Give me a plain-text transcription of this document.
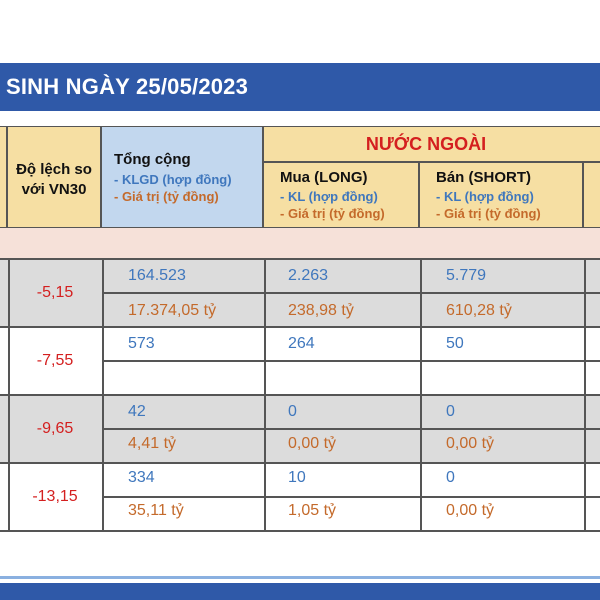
SINH NGÀY 25/05/2023
Độ lệch so
với VN30
Tổng cộng
- KLGD (hợp đồng)
- Giá trị (tỷ đồng)
NƯỚC NGOÀI
Mua (LONG)
- KL (hợp đồng)
- Giá trị (tỷ đồng)
Bán (SHORT)
- KL (hợp đồng)
- Giá trị (tỷ đồng)
-5,15
164.523
17.374,05 tỷ
2.263
238,98 tỷ
5.779
610,28 tỷ
-7,55
573	264	50
-9,65
42
4,41 tỷ
0
0,00 tỷ
0
0,00 tỷ
-13,15
334
35,11 tỷ
10
1,05 tỷ
0
0,00 tỷ
